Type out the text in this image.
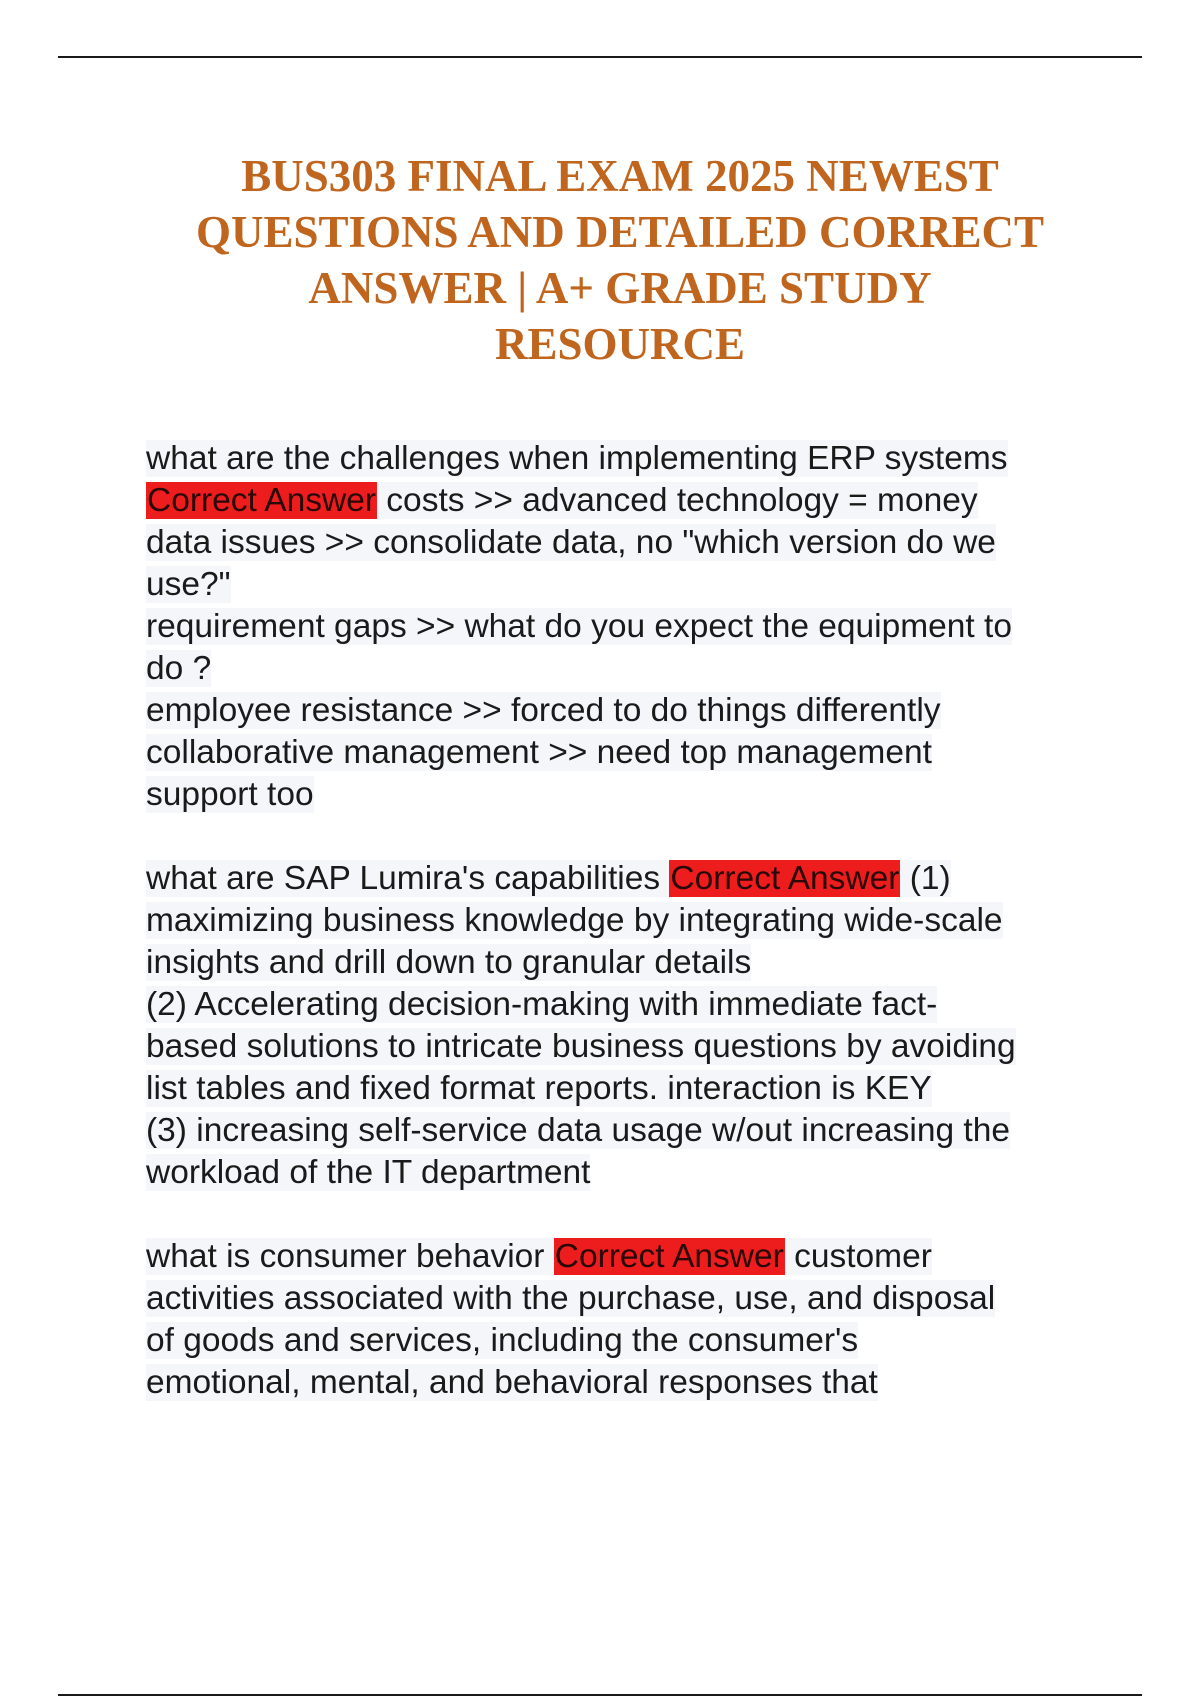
BUS303 FINAL EXAM 2025 NEWEST
QUESTIONS AND DETAILED CORRECT
ANSWER | A+ GRADE STUDY
RESOURCE

what are the challenges when implementing ERP systems
Correct Answer costs >> advanced technology = money
data issues >> consolidate data, no "which version do we
use?"
requirement gaps >> what do you expect the equipment to
do ?
employee resistance >> forced to do things differently
collaborative management >> need top management
support too

what are SAP Lumira's capabilities Correct Answer (1)
maximizing business knowledge by integrating wide-scale
insights and drill down to granular details
(2) Accelerating decision-making with immediate fact-
based solutions to intricate business questions by avoiding
list tables and fixed format reports. interaction is KEY
(3) increasing self-service data usage w/out increasing the
workload of the IT department

what is consumer behavior Correct Answer customer
activities associated with the purchase, use, and disposal
of goods and services, including the consumer's
emotional, mental, and behavioral responses that
